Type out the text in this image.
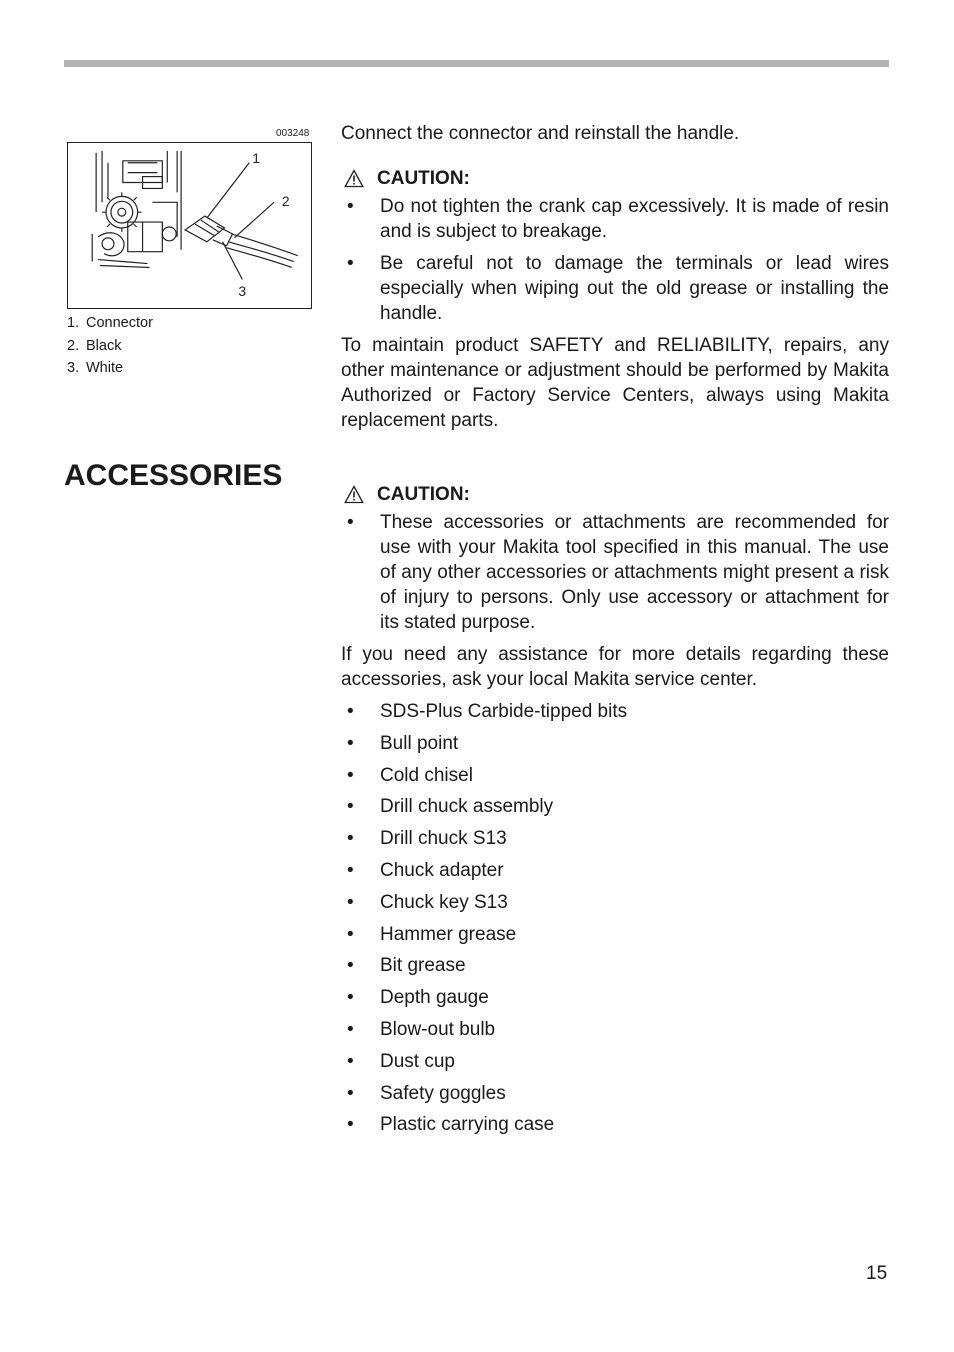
003248
1
2
3
1. Connector
2. Black
3. White

Connect the connector and reinstall the handle.

CAUTION:
• Do not tighten the crank cap excessively. It is made of resin and is subject to breakage.
• Be careful not to damage the terminals or lead wires especially when wiping out the old grease or installing the handle.

To maintain product SAFETY and RELIABILITY, repairs, any other maintenance or adjustment should be performed by Makita Authorized or Factory Service Centers, always using Makita replacement parts.

ACCESSORIES
CAUTION:
• These accessories or attachments are recommended for use with your Makita tool specified in this manual. The use of any other accessories or attachments might present a risk of injury to persons. Only use accessory or attachment for its stated purpose.

If you need any assistance for more details regarding these accessories, ask your local Makita service center.

• SDS-Plus Carbide-tipped bits
• Bull point
• Cold chisel
• Drill chuck assembly
• Drill chuck S13
• Chuck adapter
• Chuck key S13
• Hammer grease
• Bit grease
• Depth gauge
• Blow-out bulb
• Dust cup
• Safety goggles
• Plastic carrying case
15
